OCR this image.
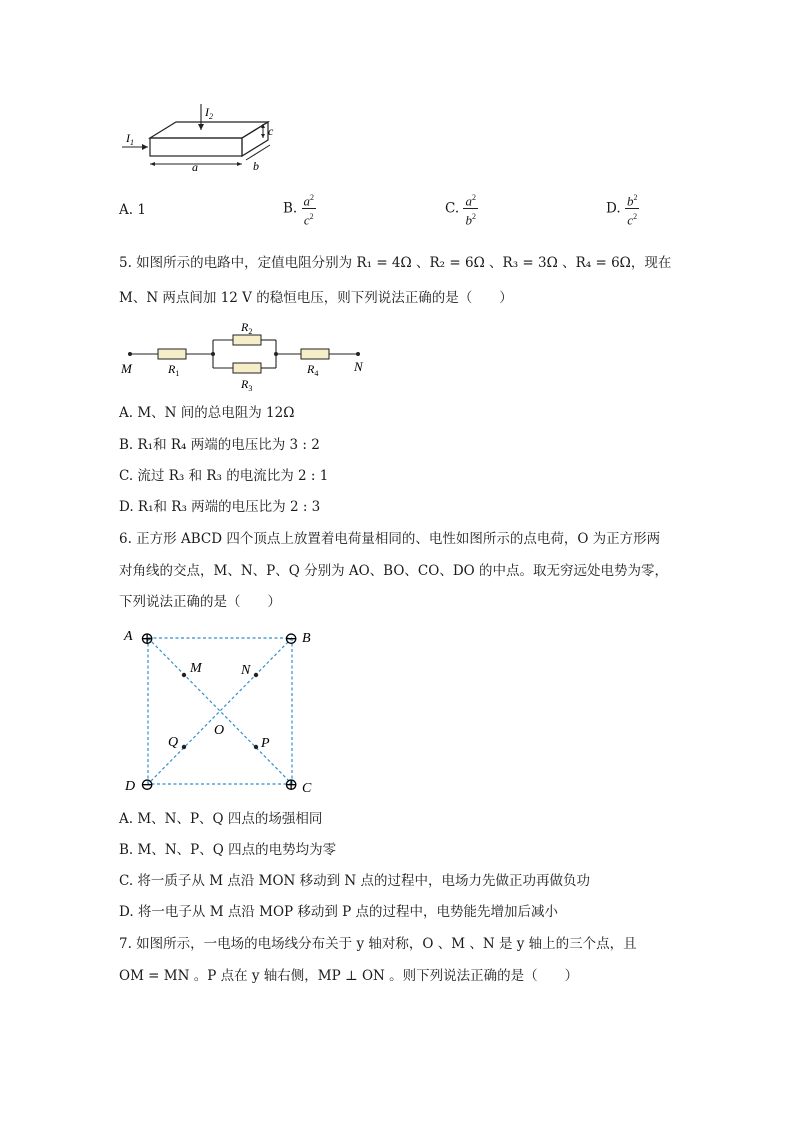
$I_1$
$I_2$
c
a	b
A. 1	B. $\frac{a^2}{c^2}$	C. $\frac{a^2}{b^2}$	D. $\frac{b^2}{c^2}$
5. 如图所示的电路中，定值电阻分别为 R₁ = 4Ω 、R₂ = 6Ω 、R₃ = 3Ω 、R₄ = 6Ω，现在
M、N 两点间加 12 V 的稳恒电压，则下列说法正确的是（　　）
M	N
$R_1$
$R_2$
$R_3$
$R_4$
A. M、N 间的总电阻为 12Ω
B. R₁和 R₄ 两端的电压比为 3 : 2
C. 流过 R₃ 和 R₃ 的电流比为 2 : 1
D. R₁和 R₃ 两端的电压比为 2 : 3
6. 正方形 ABCD 四个顶点上放置着电荷量相同的、电性如图所示的点电荷，O 为正方形两
对角线的交点，M、N、P、Q 分别为 AO、BO、CO、DO 的中点。取无穷远处电势为零，
下列说法正确的是（　　）
⊕	⊖
⊕
⊖
A	B
C
D
M	N
P
Q
O
A. M、N、P、Q 四点的场强相同
B. M、N、P、Q 四点的电势均为零
C. 将一质子从 M 点沿 MON 移动到 N 点的过程中，电场力先做正功再做负功
D. 将一电子从 M 点沿 MOP 移动到 P 点的过程中，电势能先增加后减小
7. 如图所示，一电场的电场线分布关于 y 轴对称，O 、M 、N 是 y 轴上的三个点，且
OM = MN 。P 点在 y 轴右侧，MP ⊥ ON 。则下列说法正确的是（　　）
